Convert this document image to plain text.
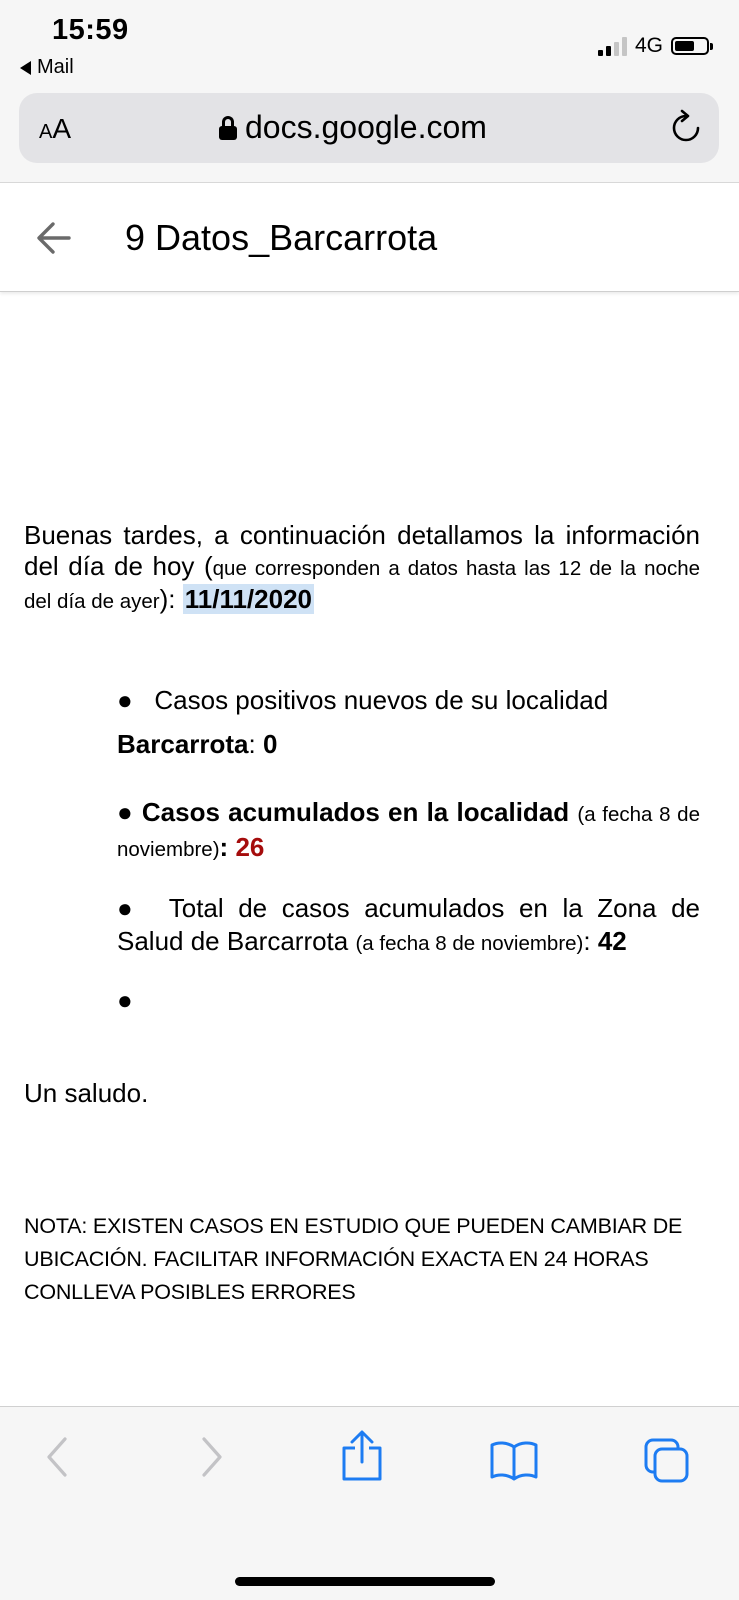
15:59
Mail
4G
AA	docs.google.com
9 Datos_Barcarrota

Buenas tardes, a continuación detallamos la información del día de hoy (que corresponden a datos hasta las 12 de la noche del día de ayer): 11/11/2020

● Casos positivos nuevos de su localidad
Barcarrota: 0
● Casos acumulados en la localidad (a fecha 8 de noviembre): 26
● Total de casos acumulados en la Zona de Salud de Barcarrota (a fecha 8 de noviembre): 42
●
Un saludo.
NOTA: EXISTEN CASOS EN ESTUDIO QUE PUEDEN CAMBIAR DE UBICACIÓN. FACILITAR INFORMACIÓN EXACTA EN 24 HORAS CONLLEVA POSIBLES ERRORES
